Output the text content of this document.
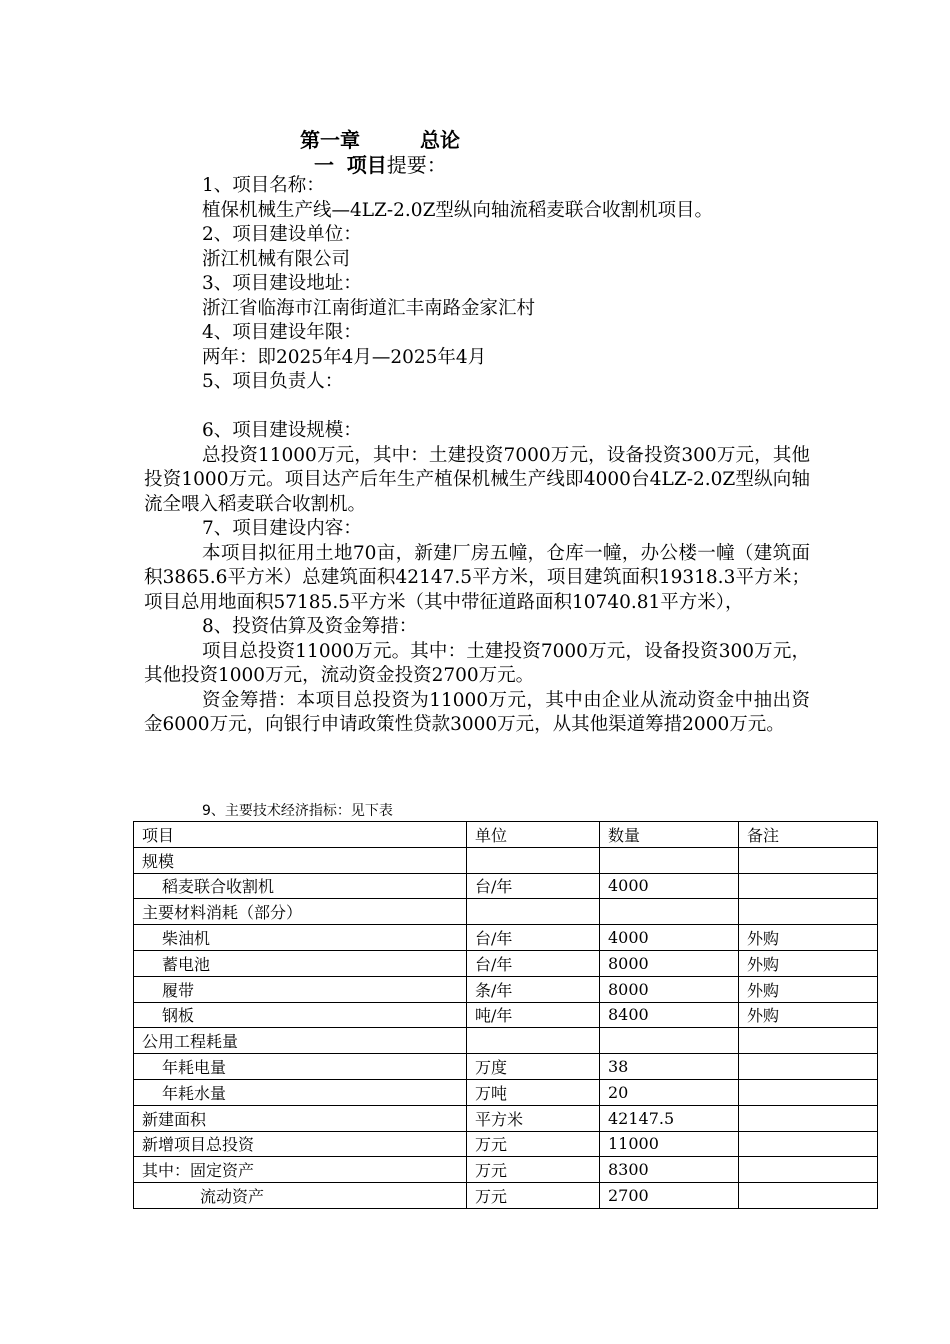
第一章　　　总论
一 项目提要：
1、项目名称：
植保机械生产线—4LZ-2.0Z型纵向轴流稻麦联合收割机项目。
2、项目建设单位：
浙江机械有限公司
3、项目建设地址：
浙江省临海市江南街道汇丰南路金家汇村
4、项目建设年限：
两年：即2025年4月—2025年4月
5、项目负责人：
6、项目建设规模：
总投资11000万元，其中：土建投资7000万元，设备投资300万元，其他投资1000万元。项目达产后年生产植保机械生产线即4000台4LZ-2.0Z型纵向轴流全喂入稻麦联合收割机。
7、项目建设内容：
本项目拟征用土地70亩，新建厂房五幢，仓库一幢，办公楼一幢（建筑面积3865.6平方米）总建筑面积42147.5平方米，项目建筑面积19318.3平方米；项目总用地面积57185.5平方米（其中带征道路面积10740.81平方米），
8、投资估算及资金筹措：
项目总投资11000万元。其中：土建投资7000万元，设备投资300万元，其他投资1000万元，流动资金投资2700万元。
资金筹措：本项目总投资为11000万元，其中由企业从流动资金中抽出资金6000万元，向银行申请政策性贷款3000万元，从其他渠道筹措2000万元。
9、主要技术经济指标：见下表
项目	单位	数量	备注
规模			
稻麦联合收割机	台/年	4000	
主要材料消耗（部分）			
柴油机	台/年	4000	外购
蓄电池	台/年	8000	外购
履带	条/年	8000	外购
钢板	吨/年	8400	外购
公用工程耗量			
年耗电量	万度	38	
年耗水量	万吨	20	
新建面积	平方米	42147.5	
新增项目总投资	万元	11000	
其中：固定资产	万元	8300	
流动资产	万元	2700	
